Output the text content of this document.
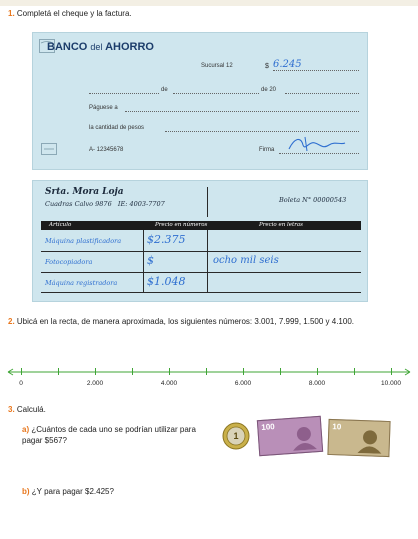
1. Completá el cheque y la factura.
BANCO del AHORRO
Sucursal 12	$ 6.245
de	de 20
Páguese a
la cantidad de pesos
A- 12345678	Firma
Srta. Mora Loja
Cuadras Calvo 9876 IE: 4003-7707	Boleta N° 00000543
Artículo	Precio en números	Precio en letras
Máquina plastificadora $2.375
Fotocopiadora	$	ocho mil seis
Máquina registradora	$1.048
2. Ubicá en la recta, de manera aproximada, los siguientes números: 3.001, 7.999, 1.500 y 4.100.
0	2.000	4.000	6.000	8.000	10.000
3. Calculá.
a) ¿Cuántos de cada uno se podrían utilizar para pagar $567?	1
100	10
b) ¿Y para pagar $2.425?
